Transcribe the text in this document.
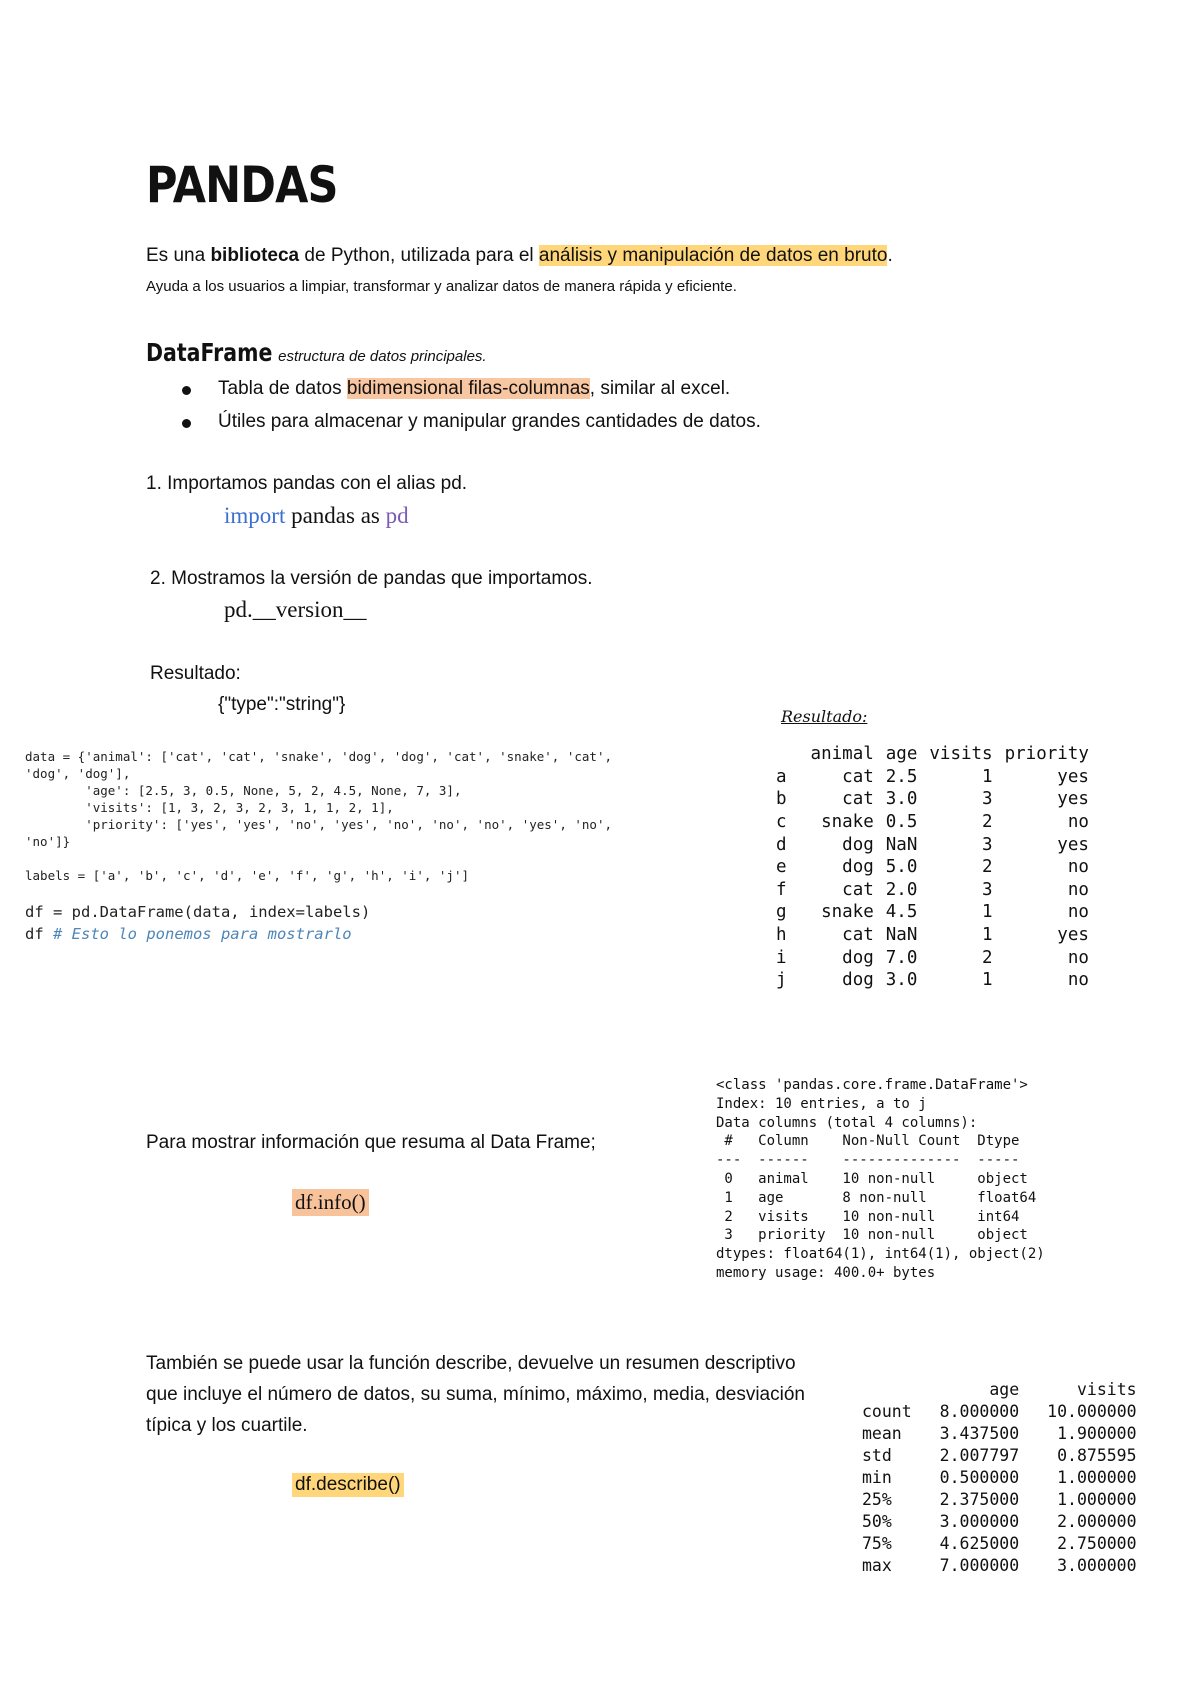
PANDAS
Es una biblioteca de Python, utilizada para el análisis y manipulación de datos en bruto.
Ayuda a los usuarios a limpiar, transformar y analizar datos de manera rápida y eficiente.
DataFrame estructura de datos principales.
Tabla de datos bidimensional filas-columnas, similar al excel.
Útiles para almacenar y manipular grandes cantidades de datos.
1. Importamos pandas con el alias pd.
import pandas as pd
2. Mostramos la versión de pandas que importamos.
pd.__version__
Resultado:
{"type":"string"}
data = {'animal': ['cat', 'cat', 'snake', 'dog', 'dog', 'cat', 'snake', 'cat',
'dog', 'dog'],
'age': [2.5, 3, 0.5, None, 5, 2, 4.5, None, 7, 3],
'visits': [1, 3, 2, 3, 2, 3, 1, 1, 2, 1],
'priority': ['yes', 'yes', 'no', 'yes', 'no', 'no', 'no', 'yes', 'no',
'no']}
labels = ['a', 'b', 'c', 'd', 'e', 'f', 'g', 'h', 'i', 'j']
df = pd.DataFrame(data, index=labels)
df # Esto lo ponemos para mostrarlo
Resultado:
	animal	age	visits	priority
a	cat	2.5	1	yes
b	cat	3.0	3	yes
c	snake	0.5	2	no
d	dog	NaN	3	yes
e	dog	5.0	2	no
f	cat	2.0	3	no
g	snake	4.5	1	no
h	cat	NaN	1	yes
i	dog	7.0	2	no
j	dog	3.0	1	no
Para mostrar información que resuma al Data Frame;
df.info()
<class 'pandas.core.frame.DataFrame'>
Index: 10 entries, a to j
Data columns (total 4 columns):
#   Column    Non-Null Count  Dtype
---  ------    --------------  -----
0   animal    10 non-null     object
1   age       8 non-null      float64
2   visits    10 non-null     int64
3   priority  10 non-null     object
dtypes: float64(1), int64(1), object(2)
memory usage: 400.0+ bytes
También se puede usar la función describe, devuelve un resumen descriptivo que incluye el número de datos, su suma, mínimo, máximo, media, desviación típica y los cuartile.
df.describe()
	age	visits
count	8.000000	10.000000
mean	3.437500	1.900000
std	2.007797	0.875595
min	0.500000	1.000000
25%	2.375000	1.000000
50%	3.000000	2.000000
75%	4.625000	2.750000
max	7.000000	3.000000
